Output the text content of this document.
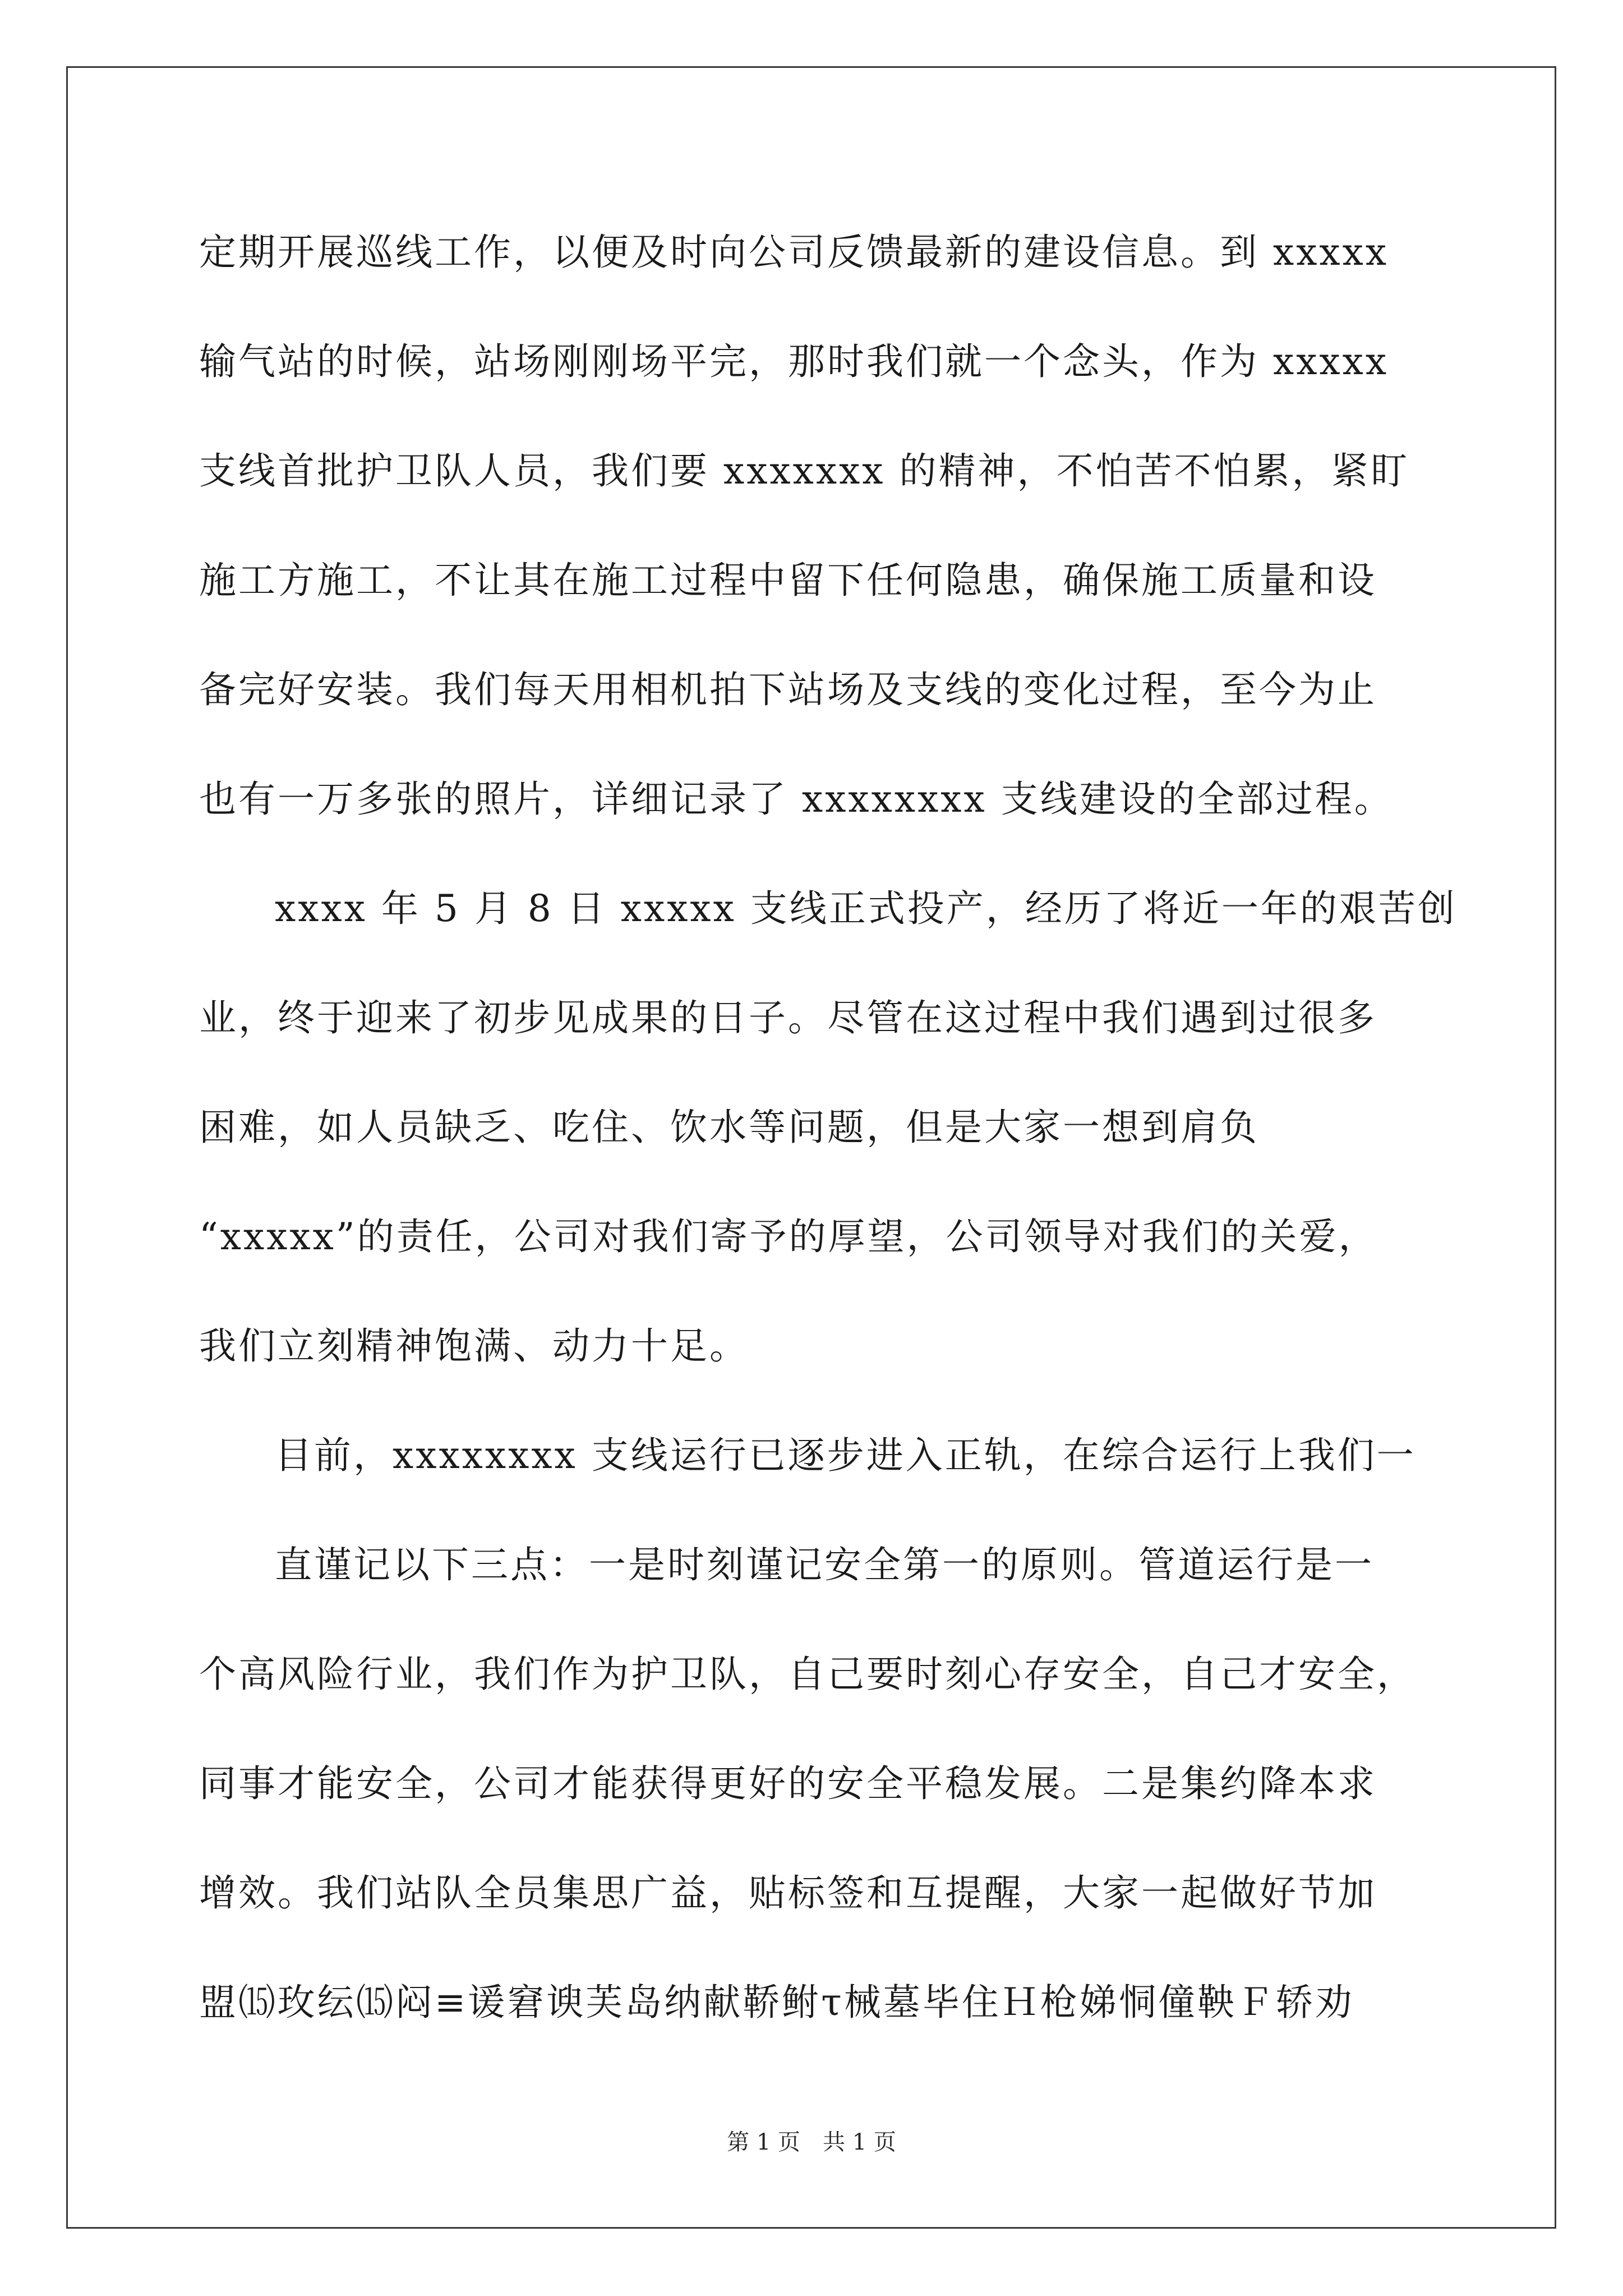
定期开展巡线工作，以便及时向公司反馈最新的建设信息。到 xxxxx
输气站的时候，站场刚刚场平完，那时我们就一个念头，作为 xxxxx
支线首批护卫队人员，我们要 xxxxxxx 的精神，不怕苦不怕累，紧盯
施工方施工，不让其在施工过程中留下任何隐患，确保施工质量和设
备完好安装。我们每天用相机拍下站场及支线的变化过程，至今为止
也有一万多张的照片，详细记录了 xxxxxxxx 支线建设的全部过程。
xxxx 年 5 月 8 日 xxxxx 支线正式投产，经历了将近一年的艰苦创
业，终于迎来了初步见成果的日子。尽管在这过程中我们遇到过很多
困难，如人员缺乏、吃住、饮水等问题，但是大家一想到肩负
“xxxxx”的责任，公司对我们寄予的厚望，公司领导对我们的关爱，
我们立刻精神饱满、动力十足。
目前，xxxxxxxx 支线运行已逐步进入正轨，在综合运行上我们一
直谨记以下三点：一是时刻谨记安全第一的原则。管道运行是一
个高风险行业，我们作为护卫队，自己要时刻心存安全，自己才安全，
同事才能安全，公司才能获得更好的安全平稳发展。二是集约降本求
增效。我们站队全员集思广益，贴标签和互提醒，大家一起做好节加
盟⒂玫纭⒂闷≡谖窘谀芙岛纳献鞒鲋τ械墓毕住Ｈ枪娣恫僮鞅Ｆ轿劝
第 1 页　共 1 页
